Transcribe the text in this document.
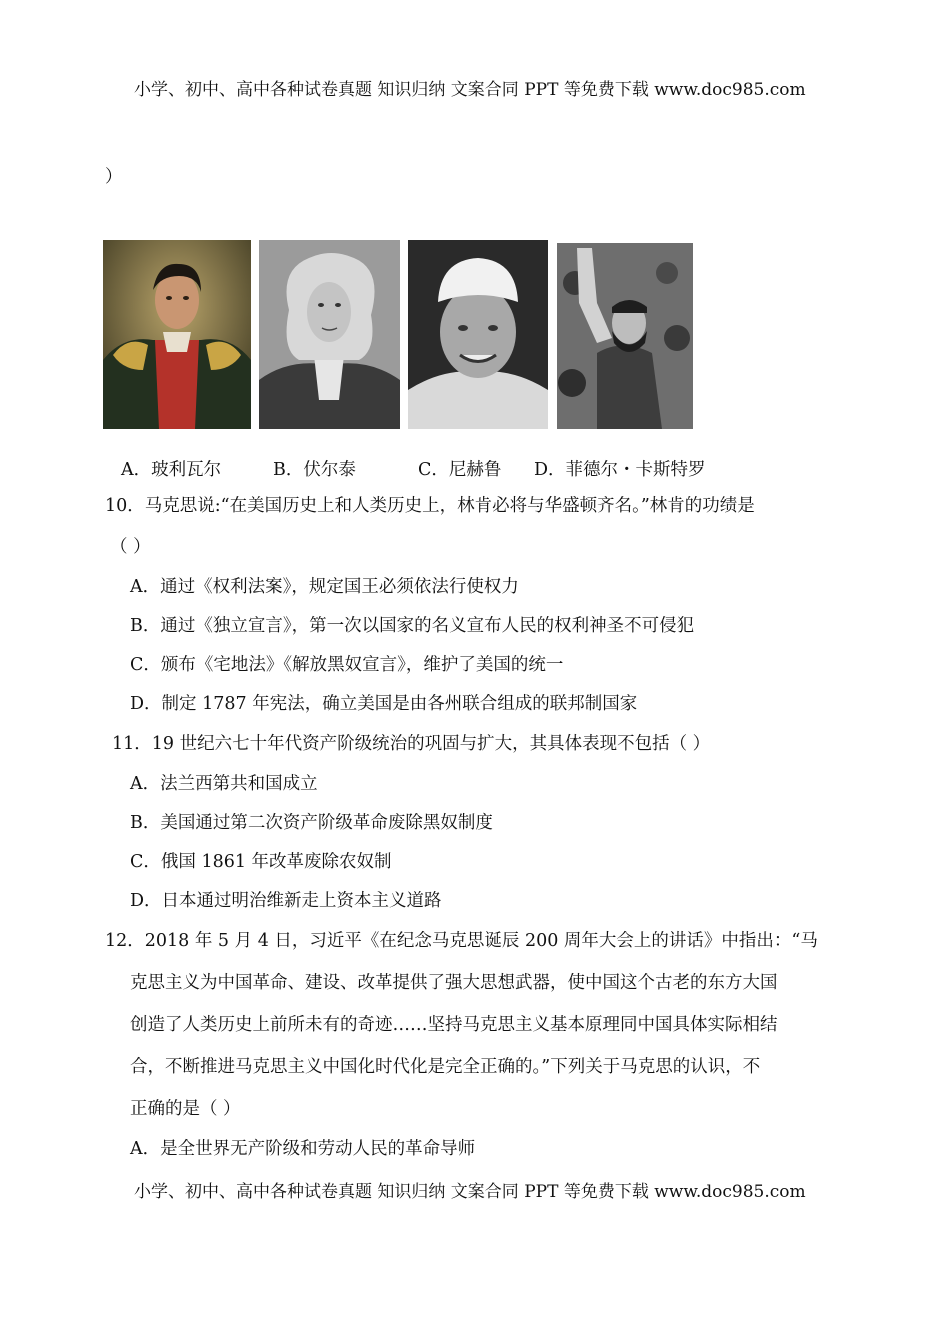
小学、初中、高中各种试卷真题 知识归纳 文案合同 PPT 等免费下载 www.doc985.com
）
A．玻利瓦尔	B．伏尔泰	C．尼赫鲁 D．菲德尔・卡斯特罗
10．马克思说:“在美国历史上和人类历史上，林肯必将与华盛顿齐名。”林肯的功绩是
（ ）
A．通过《权利法案》，规定国王必须依法行使权力
B．通过《独立宣言》，第一次以国家的名义宣布人民的权利神圣不可侵犯
C．颁布《宅地法》《解放黑奴宣言》，维护了美国的统一
D．制定 1787 年宪法，确立美国是由各州联合组成的联邦制国家
11．19 世纪六七十年代资产阶级统治的巩固与扩大，其具体表现不包括（ ）
A．法兰西第共和国成立
B．美国通过第二次资产阶级革命废除黑奴制度
C．俄国 1861 年改革废除农奴制
D．日本通过明治维新走上资本主义道路
12．2018 年 5 月 4 日，习近平《在纪念马克思诞辰 200 周年大会上的讲话》中指出：“马
克思主义为中国革命、建设、改革提供了强大思想武器，使中国这个古老的东方大国
创造了人类历史上前所未有的奇迹……坚持马克思主义基本原理同中国具体实际相结
合，不断推进马克思主义中国化时代化是完全正确的。”下列关于马克思的认识，不
正确的是（ ）
A．是全世界无产阶级和劳动人民的革命导师
小学、初中、高中各种试卷真题 知识归纳 文案合同 PPT 等免费下载 www.doc985.com
